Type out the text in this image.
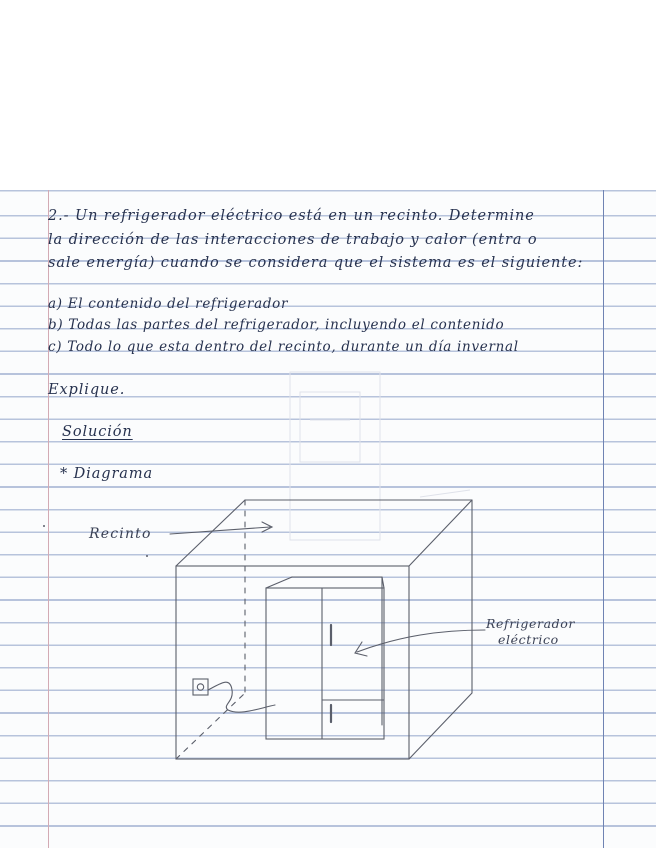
2.- Un refrigerador eléctrico está en un recinto. Determine
la dirección de las interacciones de trabajo y calor (entra o
sale energía) cuando se considera que el sistema es el siguiente:
a) El contenido del refrigerador
b) Todas las partes del refrigerador, incluyendo el contenido
c) Todo lo que esta dentro del recinto, durante un día invernal
Explique.
Solución
* Diagrama
Recinto
Refrigerador
eléctrico
